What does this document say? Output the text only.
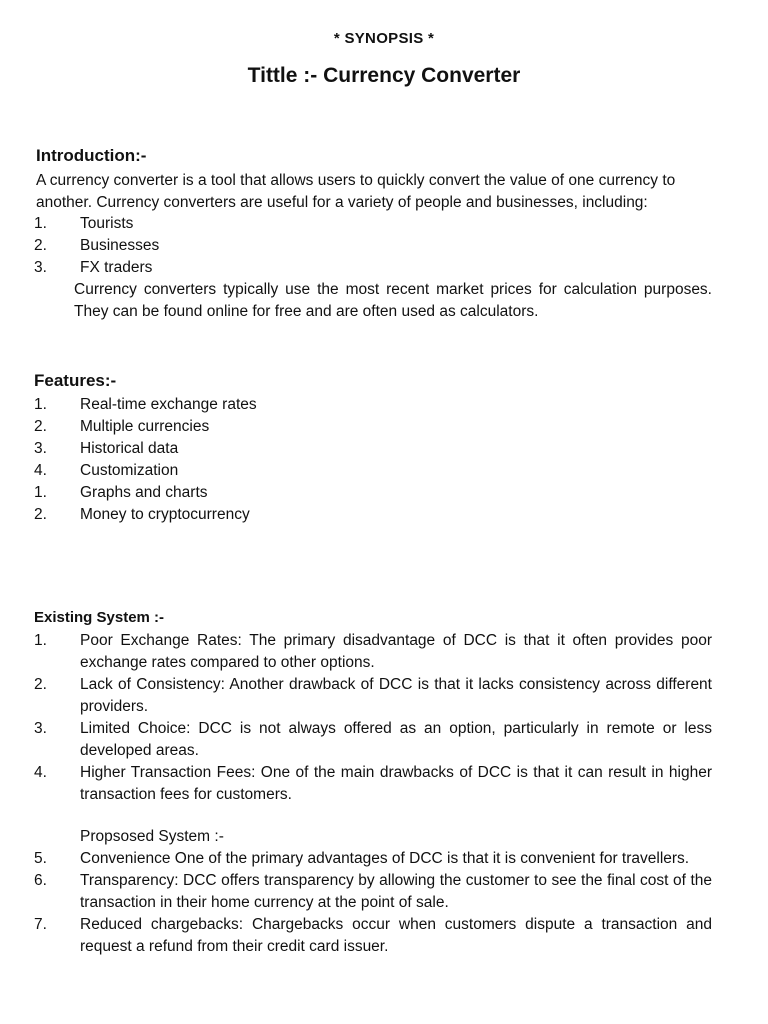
* SYNOPSIS *
Tittle :- Currency Converter
Introduction:-

A currency converter is a tool that allows users to quickly convert the value of one currency to another. Currency converters are useful for a variety of people and businesses, including:

1.	Tourists
2.	Businesses
3.	FX traders

Currency converters typically use the most recent market prices for calculation purposes. They can be found online for free and are often used as calculators.

Features:-
1.	Real-time exchange rates
2.	Multiple currencies
3.	Historical data
4.	Customization
1.	Graphs and charts
2.	Money to cryptocurrency
Existing System :-
1.	Poor Exchange Rates: The primary disadvantage of DCC is that it often provides poor exchange rates compared to other options.
2.	Lack of Consistency: Another drawback of DCC is that it lacks consistency across different providers.
3.	Limited Choice: DCC is not always offered as an option, particularly in remote or less developed areas.
4.	Higher Transaction Fees: One of the main drawbacks of DCC is that it can result in higher transaction fees for customers.
Propsosed System :-
5.	Convenience One of the primary advantages of DCC is that it is convenient for travellers.
6.	Transparency: DCC offers transparency by allowing the customer to see the final cost of the transaction in their home currency at the point of sale.
7.	Reduced chargebacks: Chargebacks occur when customers dispute a transaction and request a refund from their credit card issuer.
